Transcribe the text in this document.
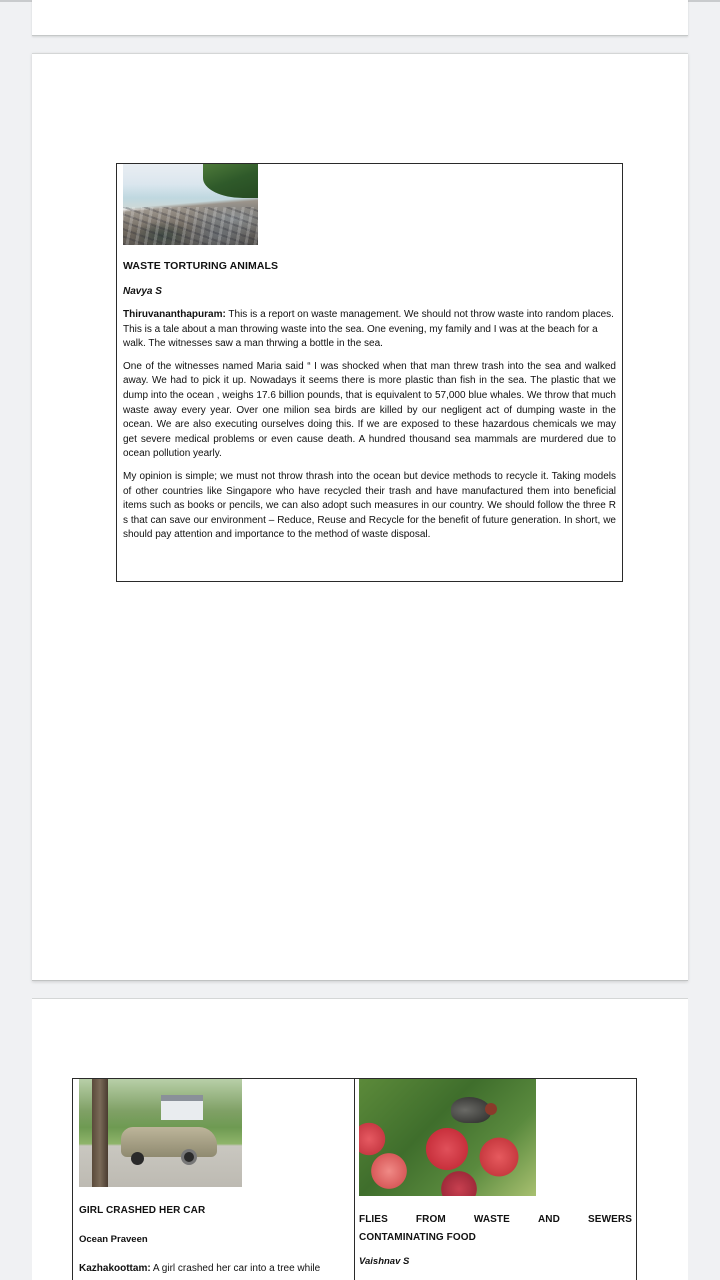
WASTE TORTURING ANIMALS
Navya S

Thiruvananthapuram: This is a report on waste management. We should not throw waste into random places. This is a tale about a man throwing waste into the sea. One evening, my family and I was at the beach for a walk. The witnesses saw a man thrwing a bottle in the sea.

One of the witnesses named Maria said “ I was shocked when that man threw trash into the sea and walked away. We had to pick it up. Nowadays it seems there is more plastic than fish in the sea. The plastic that we dump into the ocean , weighs 17.6 billion pounds, that is equivalent to 57,000 blue whales. We throw that much waste away every year. Over one milion sea birds are killed by our negligent act of dumping waste in the ocean. We are also executing ourselves doing this. If we are exposed to these hazardous chemicals we may get severe medical problems or even cause death. A hundred thousand sea mammals are murdered due to ocean pollution yearly.

My opinion is simple; we must not throw thrash into the ocean but device methods to recycle it. Taking models of other countries like Singapore who have recycled their trash and have manufactured them into beneficial items such as books or pencils, we can also adopt such measures in our country. We should follow the three R s that can save our environment – Reduce, Reuse and Recycle for the benefit of future generation. In short, we should pay attention and importance to the method of waste disposal.

GIRL CRASHED HER CAR
Ocean Praveen

Kazhakoottam: A girl crashed her car into a tree while

FLIES	FROM	WASTE	AND	SEWERS
CONTAMINATING FOOD
Vaishnav S
